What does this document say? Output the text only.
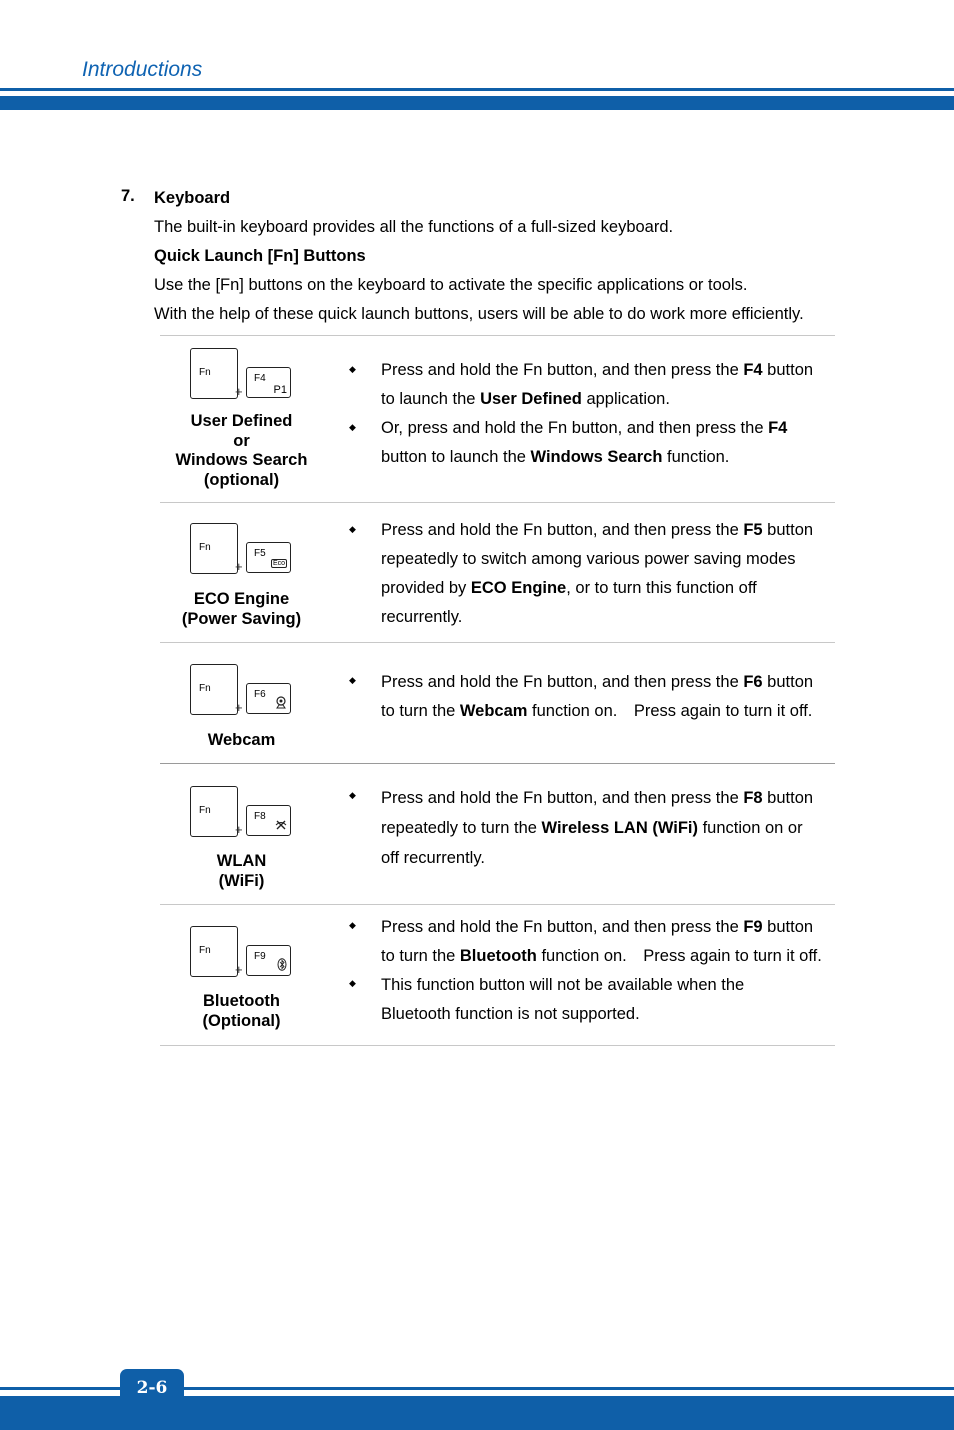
Introductions
7. Keyboard
The built-in keyboard provides all the functions of a full-sized keyboard.
Quick Launch [Fn] Buttons
Use the [Fn] buttons on the keyboard to activate the specific applications or tools.
With the help of these quick launch buttons, users will be able to do work more efficiently.
Fn
+
F4
P1
User Defined
or
Windows Search
(optional)
◆ Press and hold the Fn button, and then press the F4 button
to launch the User Defined application.
◆ Or, press and hold the Fn button, and then press the F4
button to launch the Windows Search function.
Fn
+
F5
Eco
ECO Engine
(Power Saving)
◆ Press and hold the Fn button, and then press the F5 button
repeatedly to switch among various power saving modes
provided by ECO Engine, or to turn this function off
recurrently.
Fn
+
F6
Webcam
◆ Press and hold the Fn button, and then press the F6 button
to turn the Webcam function on.　Press again to turn it off.
Fn
+
F8
WLAN
(WiFi)
◆ Press and hold the Fn button, and then press the F8 button
repeatedly to turn the Wireless LAN (WiFi) function on or
off recurrently.
Fn
+
F9
Bluetooth
(Optional)
◆ Press and hold the Fn button, and then press the F9 button
to turn the Bluetooth function on.　Press again to turn it off.
◆ This function button will not be available when the
Bluetooth function is not supported.
2-6
